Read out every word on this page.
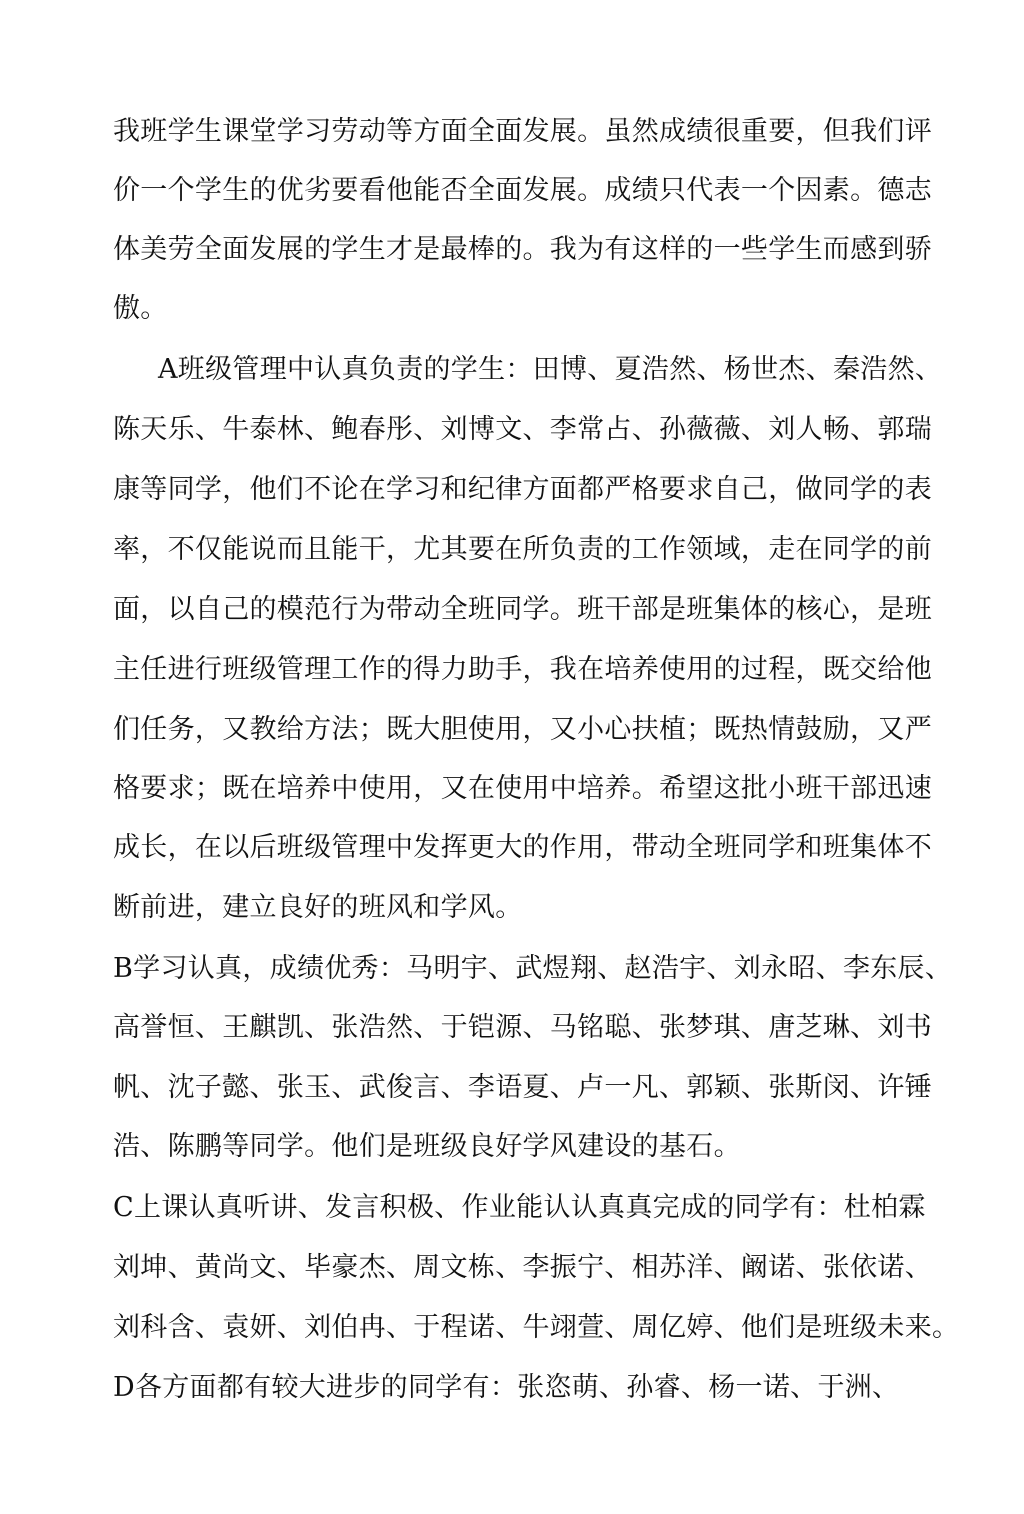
我班学生课堂学习劳动等方面全面发展。虽然成绩很重要，但我们评
价一个学生的优劣要看他能否全面发展。成绩只代表一个因素。德志
体美劳全面发展的学生才是最棒的。我为有这样的一些学生而感到骄
傲。
A班级管理中认真负责的学生：田博、夏浩然、杨世杰、秦浩然、
陈天乐、牛泰林、鲍春彤、刘博文、李常占、孙薇薇、刘人畅、郭瑞
康等同学，他们不论在学习和纪律方面都严格要求自己，做同学的表
率，不仅能说而且能干，尤其要在所负责的工作领域，走在同学的前
面，以自己的模范行为带动全班同学。班干部是班集体的核心，是班
主任进行班级管理工作的得力助手，我在培养使用的过程，既交给他
们任务，又教给方法；既大胆使用，又小心扶植；既热情鼓励，又严
格要求；既在培养中使用，又在使用中培养。希望这批小班干部迅速
成长，在以后班级管理中发挥更大的作用，带动全班同学和班集体不
断前进，建立良好的班风和学风。
B学习认真，成绩优秀：马明宇、武煜翔、赵浩宇、刘永昭、李东辰、
高誉恒、王麒凯、张浩然、于铠源、马铭聪、张梦琪、唐芝琳、刘书
帆、沈子懿、张玉、武俊言、李语夏、卢一凡、郭颖、张斯闵、许锤
浩、陈鹏等同学。他们是班级良好学风建设的基石。
C上课认真听讲、发言积极、作业能认认真真完成的同学有：杜柏霖
刘坤、黄尚文、毕豪杰、周文栋、李振宁、相苏洋、阚诺、张依诺、
刘科含、袁妍、刘伯冉、于程诺、牛翊萱、周亿婷、他们是班级未来。
D各方面都有较大进步的同学有：张恣萌、孙睿、杨一诺、于洲、
